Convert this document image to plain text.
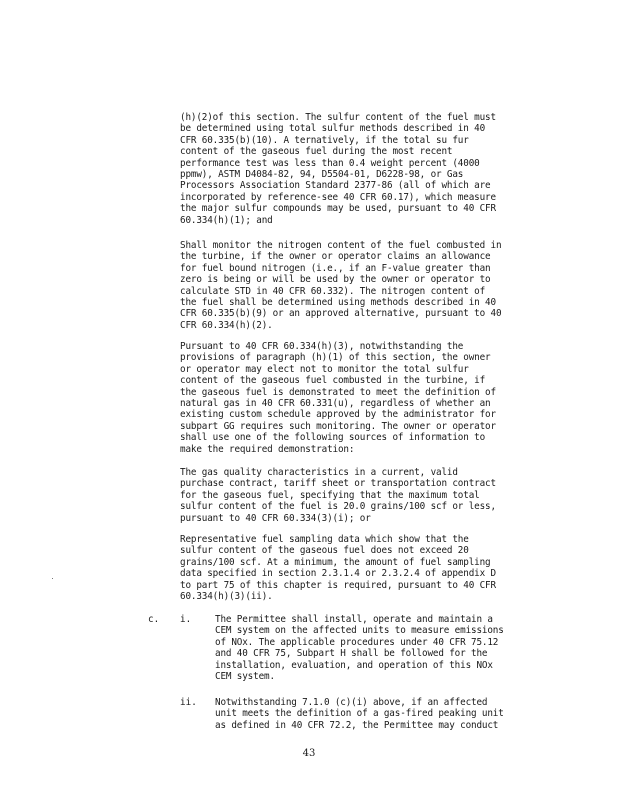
(h)(2)of this section. The sulfur content of the fuel must
be determined using total sulfur methods described in 40
CFR 60.335(b)(10). A ternatively, if the total su fur
content of the gaseous fuel during the most recent
performance test was less than 0.4 weight percent (4000
ppmw), ASTM D4084-82, 94, D5504-01, D6228-98, or Gas
Processors Association Standard 2377-86 (all of which are
incorporated by reference-see 40 CFR 60.17), which measure
the major sulfur compounds may be used, pursuant to 40 CFR
60.334(h)(1); and

Shall monitor the nitrogen content of the fuel combusted in
the turbine, if the owner or operator claims an allowance
for fuel bound nitrogen (i.e., if an F-value greater than
zero is being or will be used by the owner or operator to
calculate STD in 40 CFR 60.332). The nitrogen content of
the fuel shall be determined using methods described in 40
CFR 60.335(b)(9) or an approved alternative, pursuant to 40
CFR 60.334(h)(2).

Pursuant to 40 CFR 60.334(h)(3), notwithstanding the
provisions of paragraph (h)(1) of this section, the owner
or operator may elect not to monitor the total sulfur
content of the gaseous fuel combusted in the turbine, if
the gaseous fuel is demonstrated to meet the definition of
natural gas in 40 CFR 60.331(u), regardless of whether an
existing custom schedule approved by the administrator for
subpart GG requires such monitoring. The owner or operator
shall use one of the following sources of information to
make the required demonstration:

The gas quality characteristics in a current, valid
purchase contract, tariff sheet or transportation contract
for the gaseous fuel, specifying that the maximum total
sulfur content of the fuel is 20.0 grains/100 scf or less,
pursuant to 40 CFR 60.334(3)(i); or

Representative fuel sampling data which show that the
sulfur content of the gaseous fuel does not exceed 20
grains/100 scf. At a minimum, the amount of fuel sampling
data specified in section 2.3.1.4 or 2.3.2.4 of appendix D
to part 75 of this chapter is required, pursuant to 40 CFR
60.334(h)(3)(ii).

c. i.	The Permittee shall install, operate and maintain a
CEM system on the affected units to measure emissions
of NOx. The applicable procedures under 40 CFR 75.12
and 40 CFR 75, Subpart H shall be followed for the
installation, evaluation, and operation of this NOx
CEM system.

ii. Notwithstanding 7.1.0 (c)(i) above, if an affected
unit meets the definition of a gas-fired peaking unit
as defined in 40 CFR 72.2, the Permittee may conduct

43
